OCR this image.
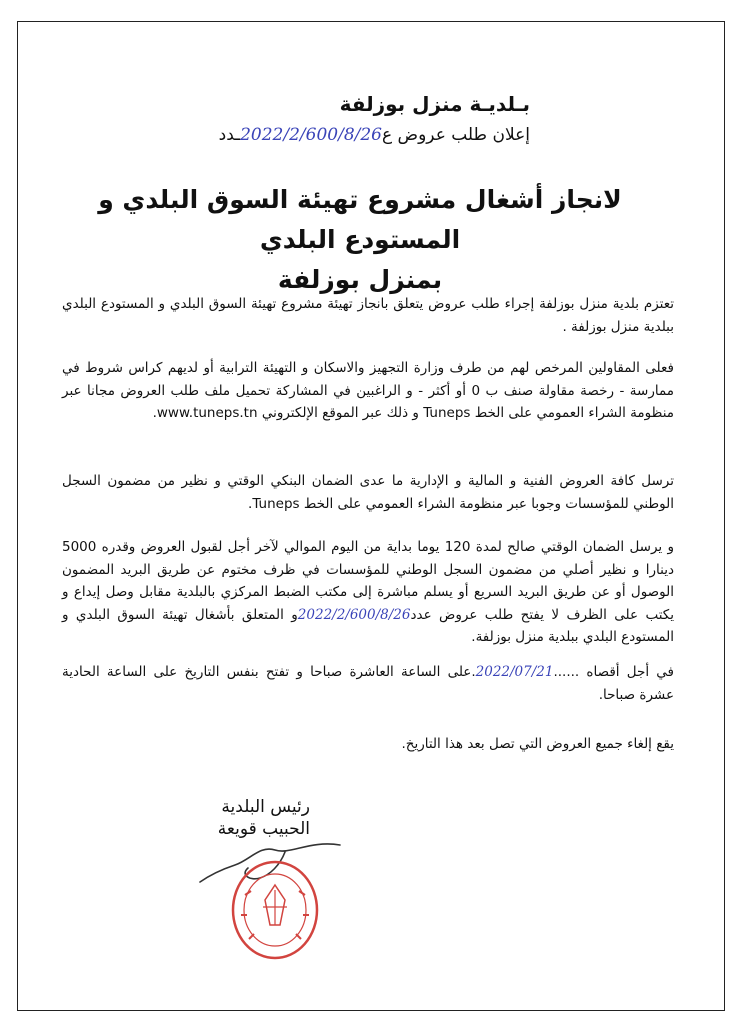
بـلديـة منزل بوزلفة
إعلان طلب عروض ع2022/2/600/8/26ـدد
لانجاز أشغال مشروع تهيئة السوق البلدي و المستودع البلدي
بمنزل بوزلفة
تعتزم بلدية منزل بوزلفة إجراء طلب عروض يتعلق بانجاز تهيئة مشروع تهيئة السوق البلدي و المستودع البلدي ببلدية منزل بوزلفة .
فعلى المقاولين المرخص لهم من طرف وزارة التجهيز والاسكان و التهيئة الترابية أو لديهم كراس شروط في ممارسة - رخصة مقاولة صنف ب 0 أو أكثر - و الراغبين في المشاركة تحميل ملف طلب العروض مجانا عبر منظومة الشراء العمومي على الخط Tuneps و ذلك عبر الموقع الإلكتروني www.tuneps.tn.
ترسل كافة العروض الفنية و المالية و الإدارية ما عدى الضمان البنكي الوقتي و نظير من مضمون السجل الوطني للمؤسسات وجوبا عبر منظومة الشراء العمومي على الخط Tuneps.
و يرسل الضمان الوقتي صالح لمدة 120 يوما بداية من اليوم الموالي لآخر أجل لقبول العروض وقدره 5000 دينارا و نظير أصلي من مضمون السجل الوطني للمؤسسات في ظرف مختوم عن طريق البريد المضمون الوصول أو عن طريق البريد السريع أو يسلم مباشرة إلى مكتب الضبط المركزي بالبلدية مقابل وصل إيداع و يكتب على الظرف لا يفتح طلب عروض عدد2022/2/600/8/26و المتعلق بأشغال تهيئة السوق البلدي و المستودع البلدي ببلدية منزل بوزلفة.
في أجل أقصاه ......2022/07/21.على الساعة العاشرة صباحا و تفتح بنفس التاريخ على الساعة الحادية عشرة صباحا.
يقع إلغاء جميع العروض التي تصل بعد هذا التاريخ.
رئيس البلدية
الحبيب قويعة
